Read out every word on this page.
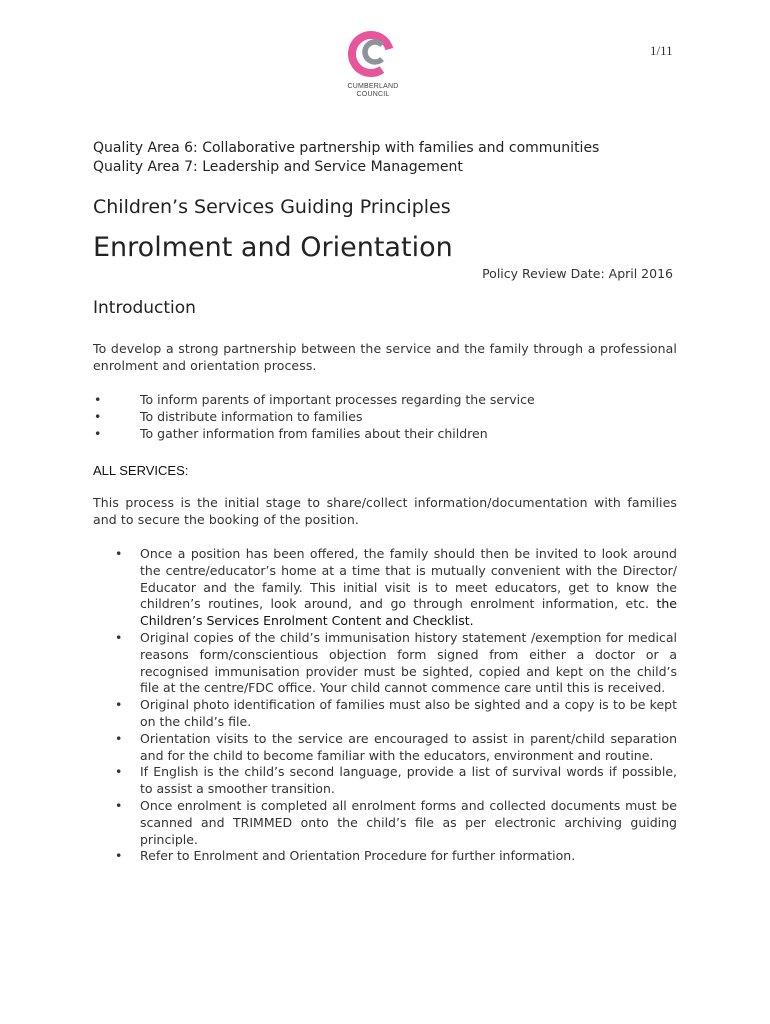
1/11
CUMBERLAND
COUNCIL
Quality Area 6: Collaborative partnership with families and communities
Quality Area 7: Leadership and Service Management
Children’s Services Guiding Principles
Enrolment and Orientation
Policy Review Date: April 2016
Introduction
To develop a strong partnership between the service and the family through a professional enrolment and orientation process.
•	To inform parents of important processes regarding the service
•	To distribute information to families
•	To gather information from families about their children
ALL SERVICES:
This process is the initial stage to share/collect information/documentation with families and to secure the booking of the position.
• Once a position has been offered, the family should then be invited to look around the centre/educator’s home at a time that is mutually convenient with the Director/ Educator and the family. This initial visit is to meet educators, get to know the children’s routines, look around, and go through enrolment information, etc. the Children’s Services Enrolment Content and Checklist.
• Original copies of the child’s immunisation history statement /exemption for medical reasons form/conscientious objection form signed from either a doctor or a recognised immunisation provider must be sighted, copied and kept on the child’s file at the centre/FDC office. Your child cannot commence care until this is received.
• Original photo identification of families must also be sighted and a copy is to be kept on the child’s file.
• Orientation visits to the service are encouraged to assist in parent/child separation and for the child to become familiar with the educators, environment and routine.
• If English is the child’s second language, provide a list of survival words if possible, to assist a smoother transition.
• Once enrolment is completed all enrolment forms and collected documents must be scanned and TRIMMED onto the child’s file as per electronic archiving guiding principle.
• Refer to Enrolment and Orientation Procedure for further information.
